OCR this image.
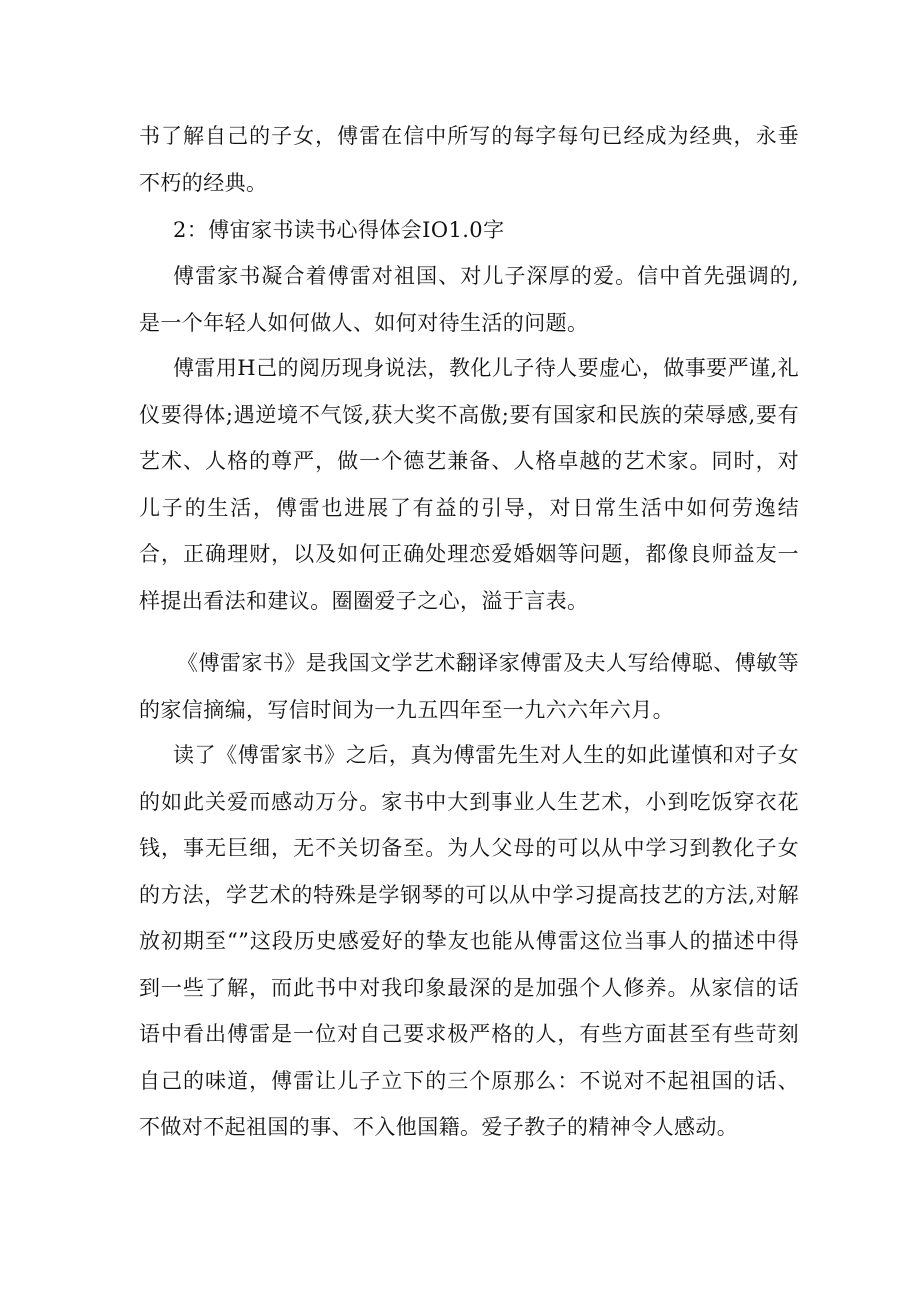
书了解自己的子女，傅雷在信中所写的每字每句已经成为经典，永垂不朽的经典。

2：傅宙家书读书心得体会IO1.0字

傅雷家书凝合着傅雷对祖国、对儿子深厚的爱。信中首先强调的,是一个年轻人如何做人、如何对待生活的问题。

傅雷用H己的阅历现身说法，教化儿子待人要虚心，做事要严谨,礼仪要得体;遇逆境不气馁,获大奖不高傲;要有国家和民族的荣辱感,要有艺术、人格的尊严，做一个德艺兼备、人格卓越的艺术家。同时，对儿子的生活，傅雷也进展了有益的引导，对日常生活中如何劳逸结合，正确理财，以及如何正确处理恋爱婚姻等问题，都像良师益友一样提出看法和建议。圈圈爱子之心，溢于言表。

《傅雷家书》是我国文学艺术翻译家傅雷及夫人写给傅聪、傅敏等的家信摘编，写信时间为一九五四年至一九六六年六月。

读了《傅雷家书》之后，真为傅雷先生对人生的如此谨慎和对子女的如此关爱而感动万分。家书中大到事业人生艺术，小到吃饭穿衣花钱，事无巨细，无不关切备至。为人父母的可以从中学习到教化子女的方法，学艺术的特殊是学钢琴的可以从中学习提高技艺的方法,对解放初期至“”这段历史感爱好的挚友也能从傅雷这位当事人的描述中得到一些了解，而此书中对我印象最深的是加强个人修养。从家信的话语中看出傅雷是一位对自己要求极严格的人，有些方面甚至有些苛刻自己的味道，傅雷让儿子立下的三个原那么：不说对不起祖国的话、不做对不起祖国的事、不入他国籍。爱子教子的精神令人感动。
